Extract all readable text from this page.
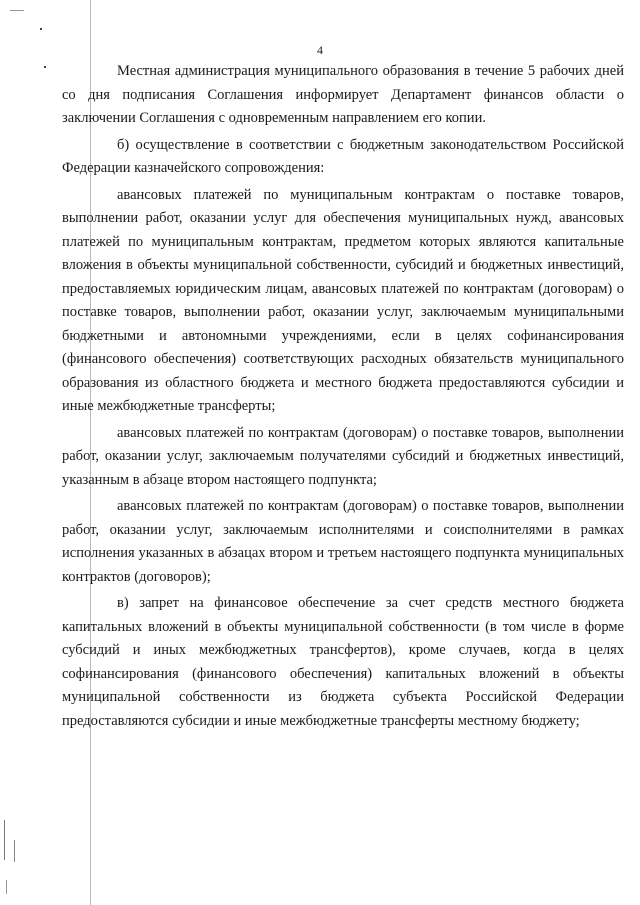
4

Местная администрация муниципального образования в течение 5 рабочих дней со дня подписания Соглашения информирует Департамент финансов области о заключении Соглашения с одновременным направлением его копии.

б) осуществление в соответствии с бюджетным законодательством Российской Федерации казначейского сопровождения:

авансовых платежей по муниципальным контрактам о поставке товаров, выполнении работ, оказании услуг для обеспечения муниципальных нужд, авансовых платежей по муниципальным контрактам, предметом которых являются капитальные вложения в объекты муниципальной собственности, субсидий и бюджетных инвестиций, предоставляемых юридическим лицам, авансовых платежей по контрактам (договорам) о поставке товаров, выполнении работ, оказании услуг, заключаемым муниципальными бюджетными и автономными учреждениями, если в целях софинансирования (финансового обеспечения) соответствующих расходных обязательств муниципального образования из областного бюджета и местного бюджета предоставляются субсидии и иные межбюджетные трансферты;

авансовых платежей по контрактам (договорам) о поставке товаров, выполнении работ, оказании услуг, заключаемым получателями субсидий и бюджетных инвестиций, указанным в абзаце втором настоящего подпункта;

авансовых платежей по контрактам (договорам) о поставке товаров, выполнении работ, оказании услуг, заключаемым исполнителями и соисполнителями в рамках исполнения указанных в абзацах втором и третьем настоящего подпункта муниципальных контрактов (договоров);

в) запрет на финансовое обеспечение за счет средств местного бюджета капитальных вложений в объекты муниципальной собственности (в том числе в форме субсидий и иных межбюджетных трансфертов), кроме случаев, когда в целях софинансирования (финансового обеспечения) капитальных вложений в объекты муниципальной собственности из бюджета субъекта Российской Федерации предоставляются субсидии и иные межбюджетные трансферты местному бюджету;
